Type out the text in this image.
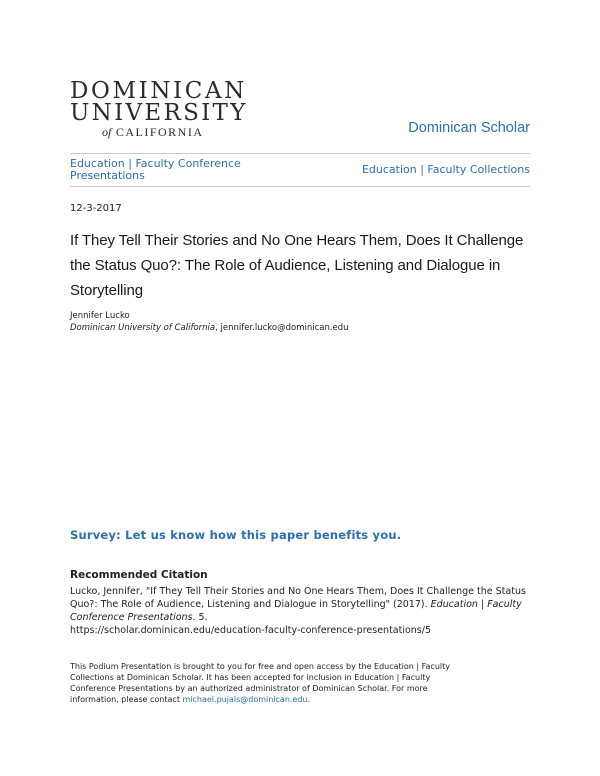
DOMINICAN
UNIVERSITY
of CALIFORNIA	Dominican Scholar
Education | Faculty Conference Presentations	Education | Faculty Collections
12-3-2017
If They Tell Their Stories and No One Hears Them, Does It Challenge the Status Quo?: The Role of Audience, Listening and Dialogue in Storytelling
Jennifer Lucko
Dominican University of California, jennifer.lucko@dominican.edu
Survey: Let us know how this paper benefits you.
Recommended Citation
Lucko, Jennifer, "If They Tell Their Stories and No One Hears Them, Does It Challenge the Status Quo?: The Role of Audience, Listening and Dialogue in Storytelling" (2017). Education | Faculty Conference Presentations. 5.
https://scholar.dominican.edu/education-faculty-conference-presentations/5
This Podium Presentation is brought to you for free and open access by the Education | Faculty Collections at Dominican Scholar. It has been accepted for inclusion in Education | Faculty Conference Presentations by an authorized administrator of Dominican Scholar. For more information, please contact michael.pujals@dominican.edu.
